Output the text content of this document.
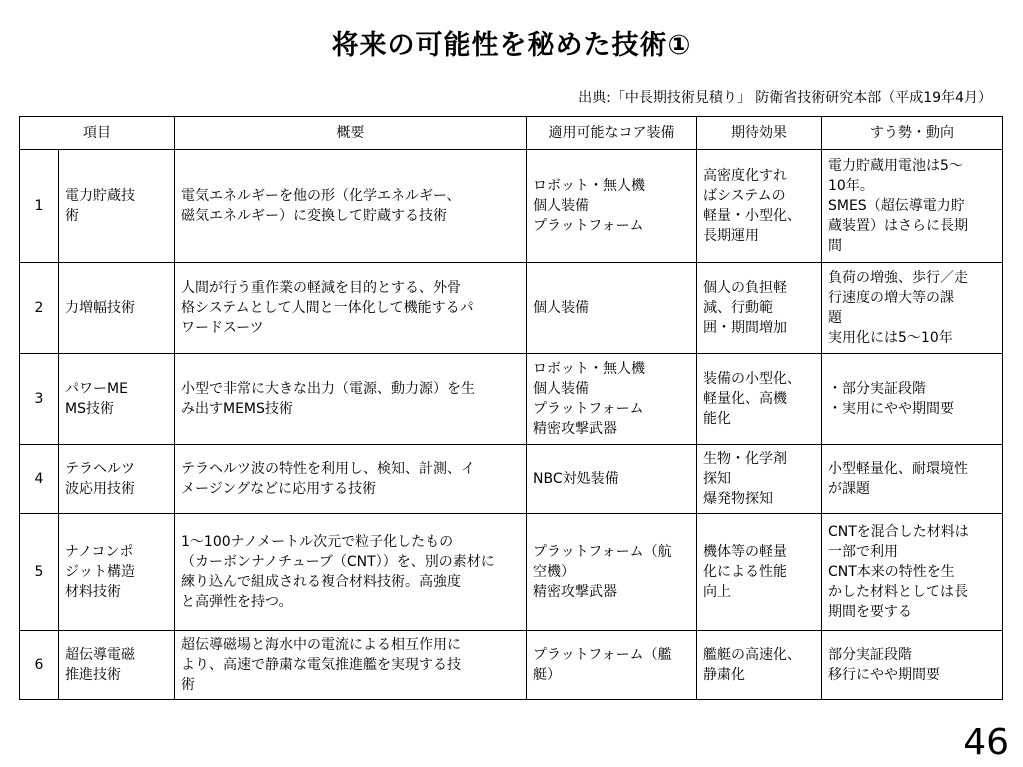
将来の可能性を秘めた技術①
出典:「中長期技術見積り」 防衛省技術研究本部（平成19年4月）
項目		概要	適用可能なコア装備	期待効果	すう勢・動向
1	電力貯蔵技
術	電気エネルギーを他の形（化学エネルギー、
磁気エネルギー）に変換して貯蔵する技術	ロボット・無人機
個人装備
プラットフォーム	高密度化すれ
ばシステムの
軽量・小型化、
長期運用	電力貯蔵用電池は5〜
10年。
SMES（超伝導電力貯
蔵装置）はさらに長期
間

2	力増幅技術	人間が行う重作業の軽減を目的とする、外骨
格システムとして人間と一体化して機能するパ
ワードスーツ	個人装備	個人の負担軽
減、行動範
囲・期間増加	負荷の増強、歩行／走
行速度の増大等の課
題
実用化には5〜10年

3	パワーME
MS技術	小型で非常に大きな出力（電源、動力源）を生
み出すMEMS技術	ロボット・無人機
個人装備
プラットフォーム
精密攻撃武器	装備の小型化、
軽量化、高機
能化	・部分実証段階
・実用にやや期間要

4	テラヘルツ
波応用技術	テラヘルツ波の特性を利用し、検知、計測、イ
メージングなどに応用する技術	NBC対処装備	生物・化学剤
探知
爆発物探知	小型軽量化、耐環境性
が課題

5	ナノコンポ
ジット構造
材料技術	1〜100ナノメートル次元で粒子化したもの
（カーボンナノチューブ（CNT））を、別の素材に
練り込んで組成される複合材料技術。高強度
と高弾性を持つ。	プラットフォーム（航
空機）
精密攻撃武器	機体等の軽量
化による性能
向上	CNTを混合した材料は
一部で利用
CNT本来の特性を生
かした材料としては長
期間を要する

6	超伝導電磁
推進技術	超伝導磁場と海水中の電流による相互作用に
より、高速で静粛な電気推進艦を実現する技
術	プラットフォーム（艦
艇）	艦艇の高速化、
静粛化	部分実証段階
移行にやや期間要
46
